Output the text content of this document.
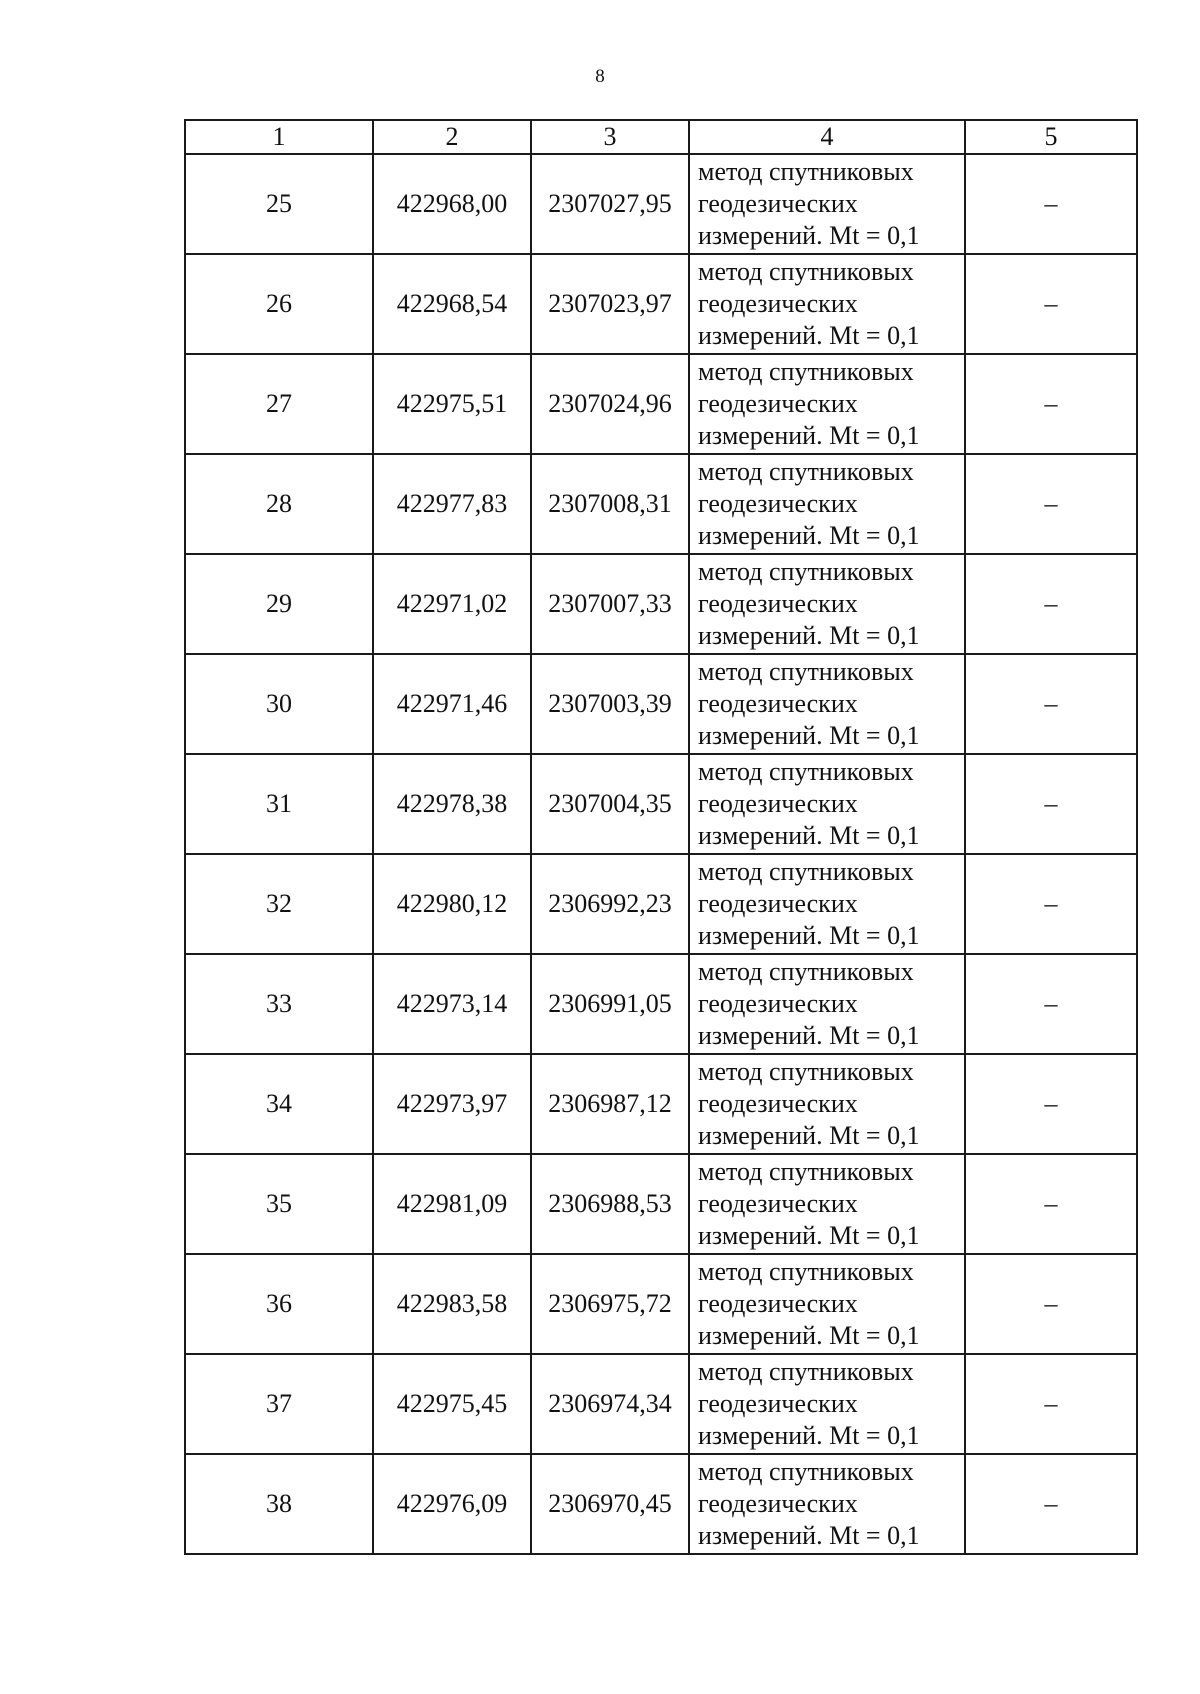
8
1	2	3	4	5
25	422968,00	2307027,95	метод спутниковых
геодезических
измерений. Mt = 0,1	–
26	422968,54	2307023,97	метод спутниковых
геодезических
измерений. Mt = 0,1	–
27	422975,51	2307024,96	метод спутниковых
геодезических
измерений. Mt = 0,1	–
28	422977,83	2307008,31	метод спутниковых
геодезических
измерений. Mt = 0,1	–
29	422971,02	2307007,33	метод спутниковых
геодезических
измерений. Mt = 0,1	–
30	422971,46	2307003,39	метод спутниковых
геодезических
измерений. Mt = 0,1	–
31	422978,38	2307004,35	метод спутниковых
геодезических
измерений. Mt = 0,1	–
32	422980,12	2306992,23	метод спутниковых
геодезических
измерений. Mt = 0,1	–
33	422973,14	2306991,05	метод спутниковых
геодезических
измерений. Mt = 0,1	–
34	422973,97	2306987,12	метод спутниковых
геодезических
измерений. Mt = 0,1	–
35	422981,09	2306988,53	метод спутниковых
геодезических
измерений. Mt = 0,1	–
36	422983,58	2306975,72	метод спутниковых
геодезических
измерений. Mt = 0,1	–
37	422975,45	2306974,34	метод спутниковых
геодезических
измерений. Mt = 0,1	–
38	422976,09	2306970,45	метод спутниковых
геодезических
измерений. Mt = 0,1	–
